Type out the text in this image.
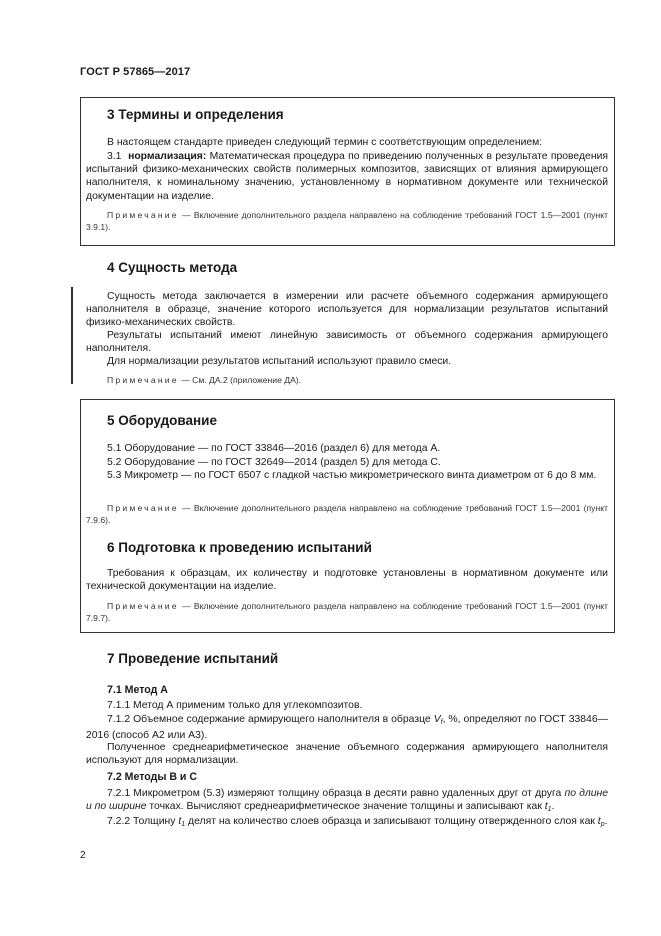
ГОСТ Р 57865—2017
3 Термины и определения
В настоящем стандарте приведен следующий термин с соответствующим определением:
3.1 нормализация: Математическая процедура по приведению полученных в результате проведения испытаний физико-механических свойств полимерных композитов, зависящих от влияния армирующего наполнителя, к номинальному значению, установленному в нормативном документе или технической документации на изделие.
Примечание — Включение дополнительного раздела направлено на соблюдение требований ГОСТ 1.5—2001 (пункт 3.9.1).
4 Сущность метода
Сущность метода заключается в измерении или расчете объемного содержания армирующего наполнителя в образце, значение которого используется для нормализации результатов испытаний физико-механических свойств.
Результаты испытаний имеют линейную зависимость от объемного содержания армирующего наполнителя.
Для нормализации результатов испытаний используют правило смеси.
Примечание — См. ДА.2 (приложение ДА).
5 Оборудование
5.1 Оборудование — по ГОСТ 33846—2016 (раздел 6) для метода А.
5.2 Оборудование — по ГОСТ 32649—2014 (раздел 5) для метода С.
5.3 Микрометр — по ГОСТ 6507 с гладкой частью микрометрического винта диаметром от 6 до 8 мм.
Примечание — Включение дополнительного раздела направлено на соблюдение требований ГОСТ 1.5—2001 (пункт 7.9.6).
6 Подготовка к проведению испытаний
Требования к образцам, их количеству и подготовке установлены в нормативном документе или технической документации на изделие.
Примечание — Включение дополнительного раздела направлено на соблюдение требований ГОСТ 1.5—2001 (пункт 7.9.7).
7 Проведение испытаний
7.1 Метод А
7.1.1 Метод А применим только для углекомпозитов.
7.1.2 Объемное содержание армирующего наполнителя в образце $V_f$, %, определяют по ГОСТ 33846—2016 (способ А2 или А3).
Полученное среднеарифметическое значение объемного содержания армирующего наполнителя используют для нормализации.
7.2 Методы В и С
7.2.1 Микрометром (5.3) измеряют толщину образца в десяти равно удаленных друг от друга по длине и по ширине точках. Вычисляют среднеарифметическое значение толщины и записывают как $t_1$.
7.2.2 Толщину $t_1$ делят на количество слоев образца и записывают толщину отвержденного слоя как $t_p$.
2
